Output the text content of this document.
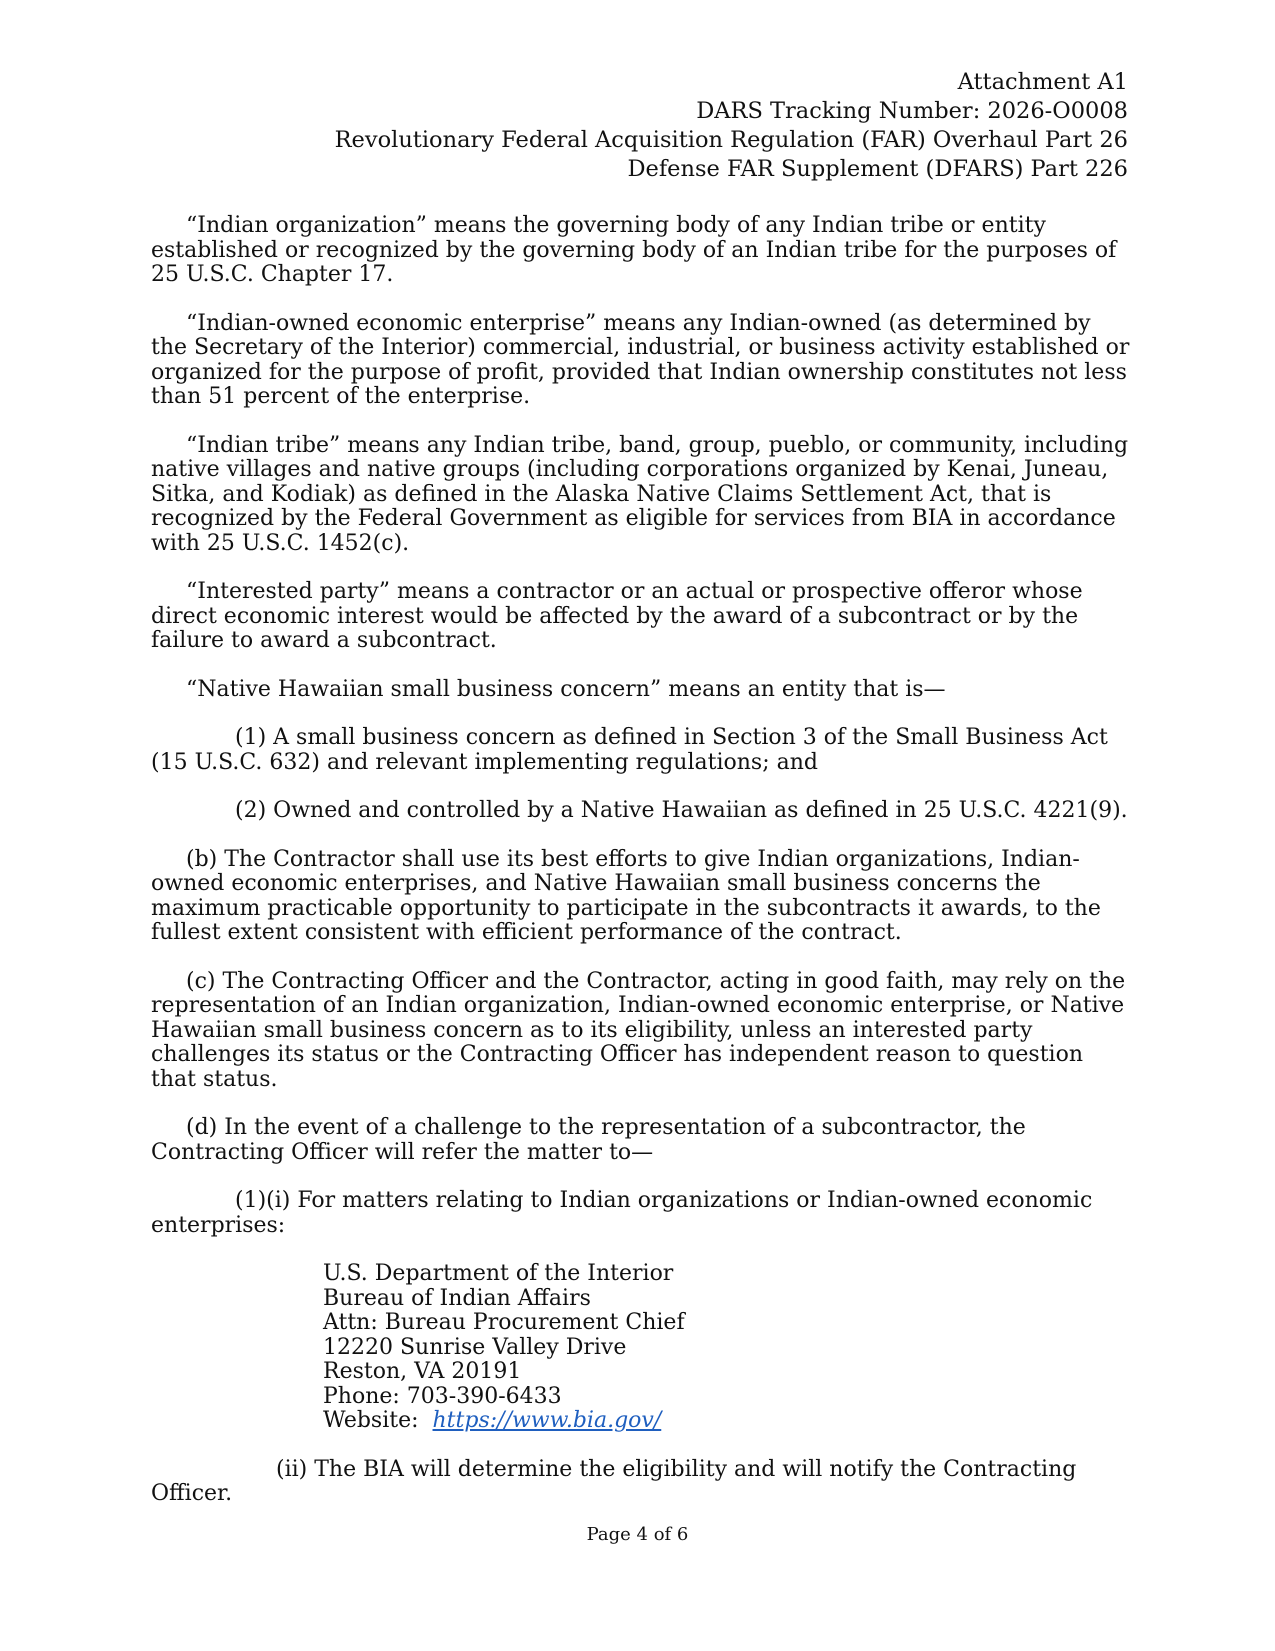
Attachment A1
DARS Tracking Number: 2026-O0008
Revolutionary Federal Acquisition Regulation (FAR) Overhaul Part 26
Defense FAR Supplement (DFARS) Part 226

“Indian organization” means the governing body of any Indian tribe or entity established or recognized by the governing body of an Indian tribe for the purposes of 25 U.S.C. Chapter 17.

“Indian-owned economic enterprise” means any Indian-owned (as determined by the Secretary of the Interior) commercial, industrial, or business activity established or organized for the purpose of profit, provided that Indian ownership constitutes not less than 51 percent of the enterprise.

“Indian tribe” means any Indian tribe, band, group, pueblo, or community, including native villages and native groups (including corporations organized by Kenai, Juneau, Sitka, and Kodiak) as defined in the Alaska Native Claims Settlement Act, that is recognized by the Federal Government as eligible for services from BIA in accordance with 25 U.S.C. 1452(c).

“Interested party” means a contractor or an actual or prospective offeror whose direct economic interest would be affected by the award of a subcontract or by the failure to award a subcontract.

“Native Hawaiian small business concern” means an entity that is—

(1) A small business concern as defined in Section 3 of the Small Business Act (15 U.S.C. 632) and relevant implementing regulations; and

(2) Owned and controlled by a Native Hawaiian as defined in 25 U.S.C. 4221(9).

(b) The Contractor shall use its best efforts to give Indian organizations, Indian-owned economic enterprises, and Native Hawaiian small business concerns the maximum practicable opportunity to participate in the subcontracts it awards, to the fullest extent consistent with efficient performance of the contract.

(c) The Contracting Officer and the Contractor, acting in good faith, may rely on the representation of an Indian organization, Indian-owned economic enterprise, or Native Hawaiian small business concern as to its eligibility, unless an interested party challenges its status or the Contracting Officer has independent reason to question that status.

(d) In the event of a challenge to the representation of a subcontractor, the Contracting Officer will refer the matter to—

(1)(i) For matters relating to Indian organizations or Indian-owned economic enterprises:

U.S. Department of the Interior
Bureau of Indian Affairs
Attn: Bureau Procurement Chief
12220 Sunrise Valley Drive
Reston, VA 20191
Phone: 703-390-6433
Website:  https://www.bia.gov/

(ii) The BIA will determine the eligibility and will notify the Contracting Officer.

Page 4 of 6
